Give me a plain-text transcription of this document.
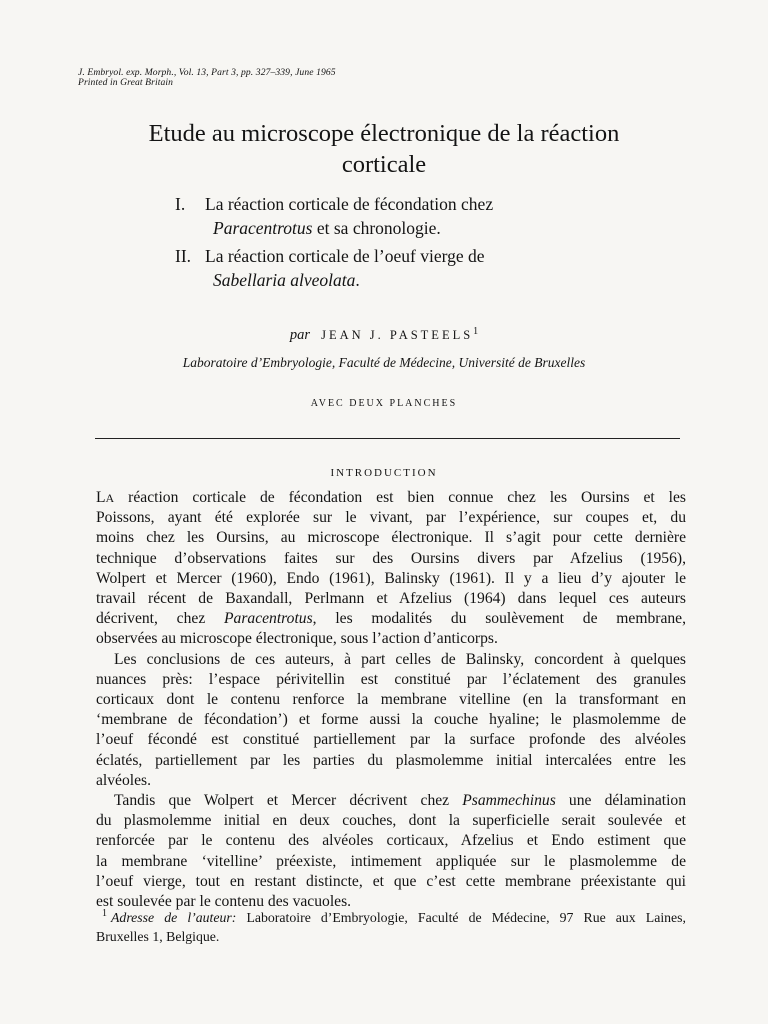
J. Embryol. exp. Morph., Vol. 13, Part 3, pp. 327–339, June 1965
Printed in Great Britain
Etude au microscope électronique de la réaction
corticale
I.	La réaction corticale de fécondation chez
Paracentrotus et sa chronologie.
II. La réaction corticale de l’oeuf vierge de
Sabellaria alveolata.
par JEAN J. PASTEELS$^1$
Laboratoire d’Embryologie, Faculté de Médecine, Université de Bruxelles
AVEC DEUX PLANCHES
INTRODUCTION

LA réaction corticale de fécondation est bien connue chez les Oursins et les
Poissons, ayant été explorée sur le vivant, par l’expérience, sur coupes et, du
moins chez les Oursins, au microscope électronique. Il s’agit pour cette dernière
technique d’observations faites sur des Oursins divers par Afzelius (1956),
Wolpert et Mercer (1960), Endo (1961), Balinsky (1961). Il y a lieu d’y ajouter le
travail récent de Baxandall, Perlmann et Afzelius (1964) dans lequel ces auteurs
décrivent, chez Paracentrotus, les modalités du soulèvement de membrane,
observées au microscope électronique, sous l’action d’anticorps.

Les conclusions de ces auteurs, à part celles de Balinsky, concordent à quelques
nuances près: l’espace périvitellin est constitué par l’éclatement des granules
corticaux dont le contenu renforce la membrane vitelline (en la transformant en
‘membrane de fécondation’) et forme aussi la couche hyaline; le plasmolemme de
l’oeuf fécondé est constitué partiellement par la surface profonde des alvéoles
éclatés, partiellement par les parties du plasmolemme initial intercalées entre les
alvéoles.

Tandis que Wolpert et Mercer décrivent chez Psammechinus une délamination
du plasmolemme initial en deux couches, dont la superficielle serait soulevée et
renforcée par le contenu des alvéoles corticaux, Afzelius et Endo estiment que
la membrane ‘vitelline’ préexiste, intimement appliquée sur le plasmolemme de
l’oeuf vierge, tout en restant distincte, et que c’est cette membrane préexistante qui
est soulevée par le contenu des vacuoles.

$^1$ Adresse de l’auteur: Laboratoire d’Embryologie, Faculté de Médecine, 97 Rue aux Laines,
Bruxelles 1, Belgique.
